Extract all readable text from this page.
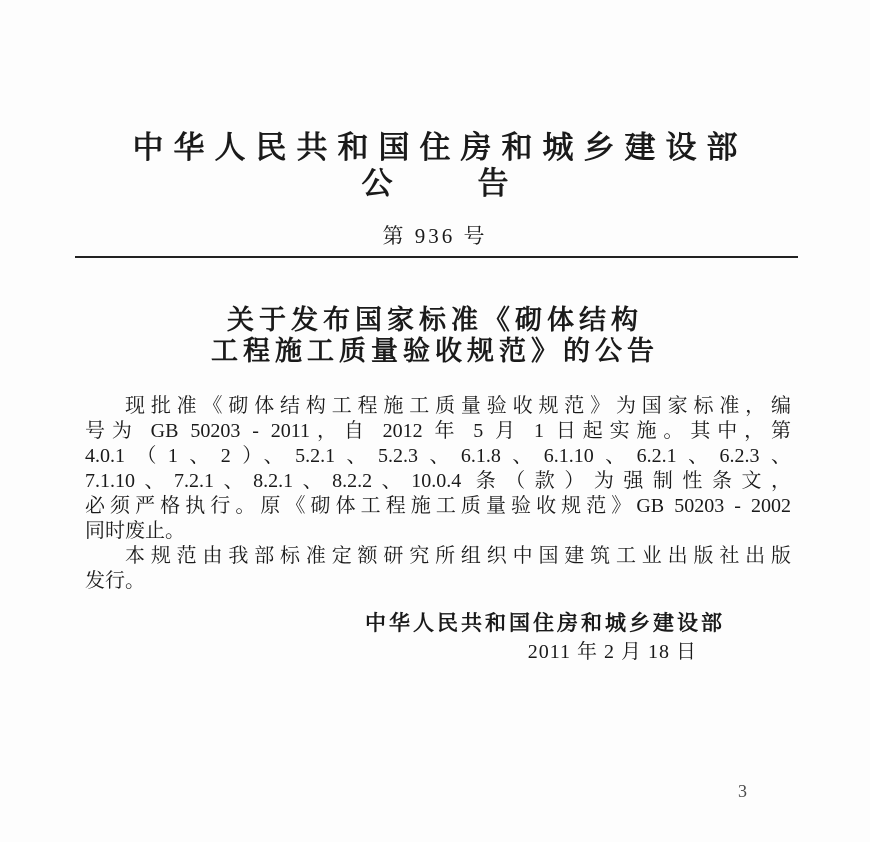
中华人民共和国住房和城乡建设部
公	告
第 936 号
关于发布国家标准《砌体结构
工程施工质量验收规范》的公告
现批准《砌体结构工程施工质量验收规范》为国家标准，编
号为 GB 50203 - 2011，自 2012 年 5 月 1 日起实施。其中，第
4.0.1（1、2）、5.2.1、5.2.3、6.1.8、6.1.10、6.2.1、6.2.3、
7.1.10、7.2.1、8.2.1、8.2.2、10.0.4 条（款）为强制性条文，
必须严格执行。原《砌体工程施工质量验收规范》GB 50203 - 2002
同时废止。
本规范由我部标准定额研究所组织中国建筑工业出版社出版
发行。
中华人民共和国住房和城乡建设部
2011 年 2 月 18 日
3
